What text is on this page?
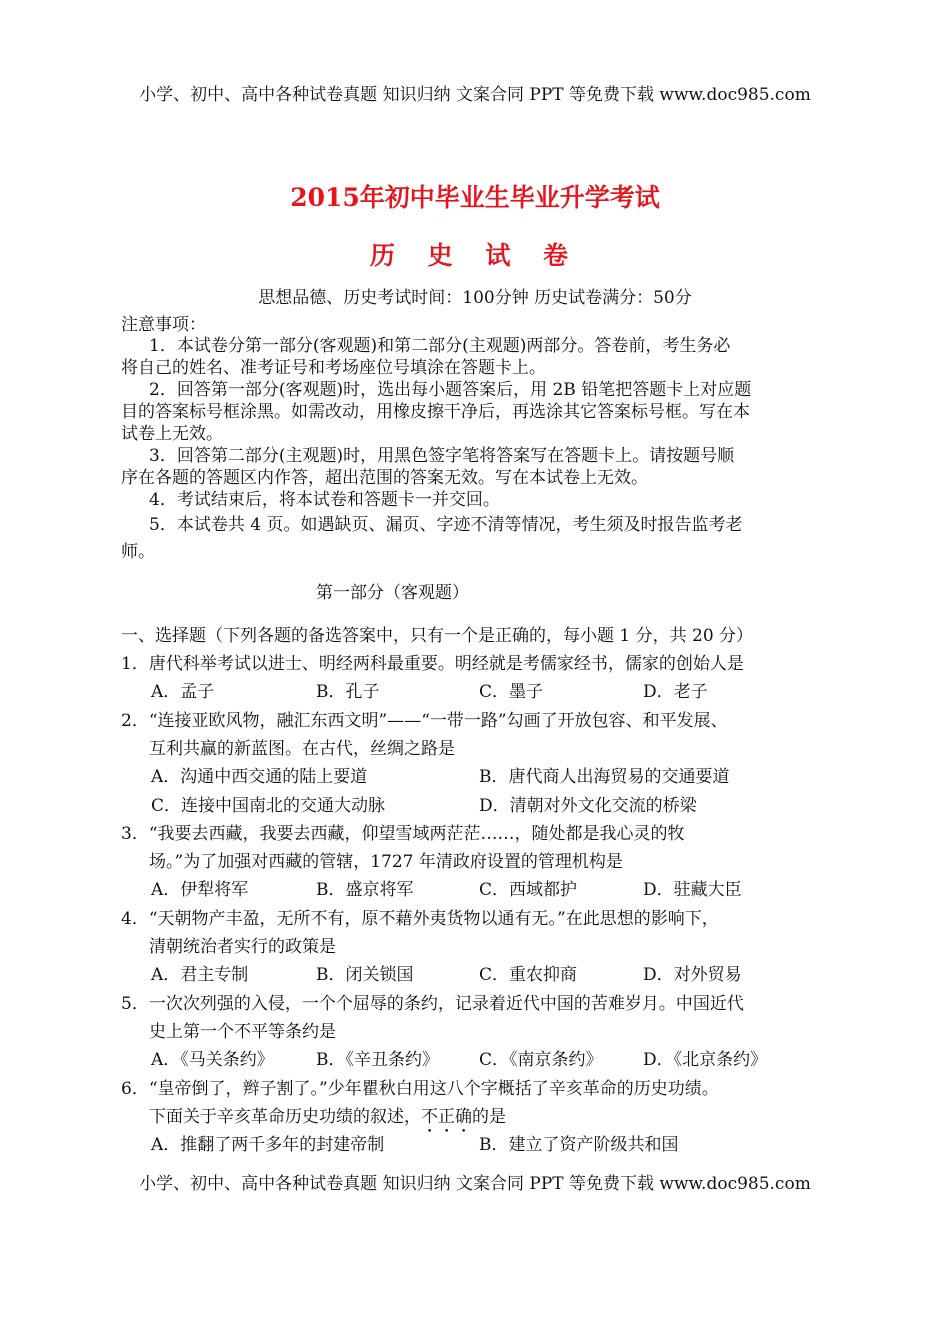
小学、初中、高中各种试卷真题 知识归纳 文案合同 PPT 等免费下载 www.doc985.com
2015年初中毕业生毕业升学考试
历 史 试 卷
思想品德、历史考试时间：100分钟 历史试卷满分：50分
注意事项：
1．本试卷分第一部分(客观题)和第二部分(主观题)两部分。答卷前，考生务必
将自己的姓名、准考证号和考场座位号填涂在答题卡上。
2．回答第一部分(客观题)时，选出每小题答案后，用 2B 铅笔把答题卡上对应题
目的答案标号框涂黑。如需改动，用橡皮擦干净后，再选涂其它答案标号框。写在本
试卷上无效。
3．回答第二部分(主观题)时，用黑色签字笔将答案写在答题卡上。请按题号顺
序在各题的答题区内作答，超出范围的答案无效。写在本试卷上无效。
4．考试结束后，将本试卷和答题卡一并交回。
5．本试卷共 4 页。如遇缺页、漏页、字迹不清等情况，考生须及时报告监考老
师。
第一部分（客观题）
一、选择题（下列各题的备选答案中，只有一个是正确的，每小题 1 分，共 20 分）
1．唐代科举考试以进士、明经两科最重要。明经就是考儒家经书，儒家的创始人是
A．孟子	B．孔子	C．墨子	D．老子
2．“连接亚欧风物，融汇东西文明”——“一带一路”勾画了开放包容、和平发展、
互利共赢的新蓝图。在古代，丝绸之路是
A．沟通中西交通的陆上要道	B．唐代商人出海贸易的交通要道
C．连接中国南北的交通大动脉	D．清朝对外文化交流的桥梁
3．“我要去西藏，我要去西藏，仰望雪域两茫茫……，随处都是我心灵的牧
场。”为了加强对西藏的管辖，1727 年清政府设置的管理机构是
A．伊犁将军	B．盛京将军	C．西域都护	D．驻藏大臣
4．“天朝物产丰盈，无所不有，原不藉外夷货物以通有无。”在此思想的影响下，
清朝统治者实行的政策是
A．君主专制	B．闭关锁国	C．重农抑商	D．对外贸易
5．一次次列强的入侵，一个个屈辱的条约，记录着近代中国的苦难岁月。中国近代
史上第一个不平等条约是
A．《马关条约》 B．《辛丑条约》 C．《南京条约》 D．《北京条约》
6．“皇帝倒了，辫子割了。”少年瞿秋白用这八个字概括了辛亥革命的历史功绩。
下面关于辛亥革命历史功绩的叙述，不正确的是
A．推翻了两千多年的封建帝制	B．建立了资产阶级共和国
小学、初中、高中各种试卷真题 知识归纳 文案合同 PPT 等免费下载 www.doc985.com
